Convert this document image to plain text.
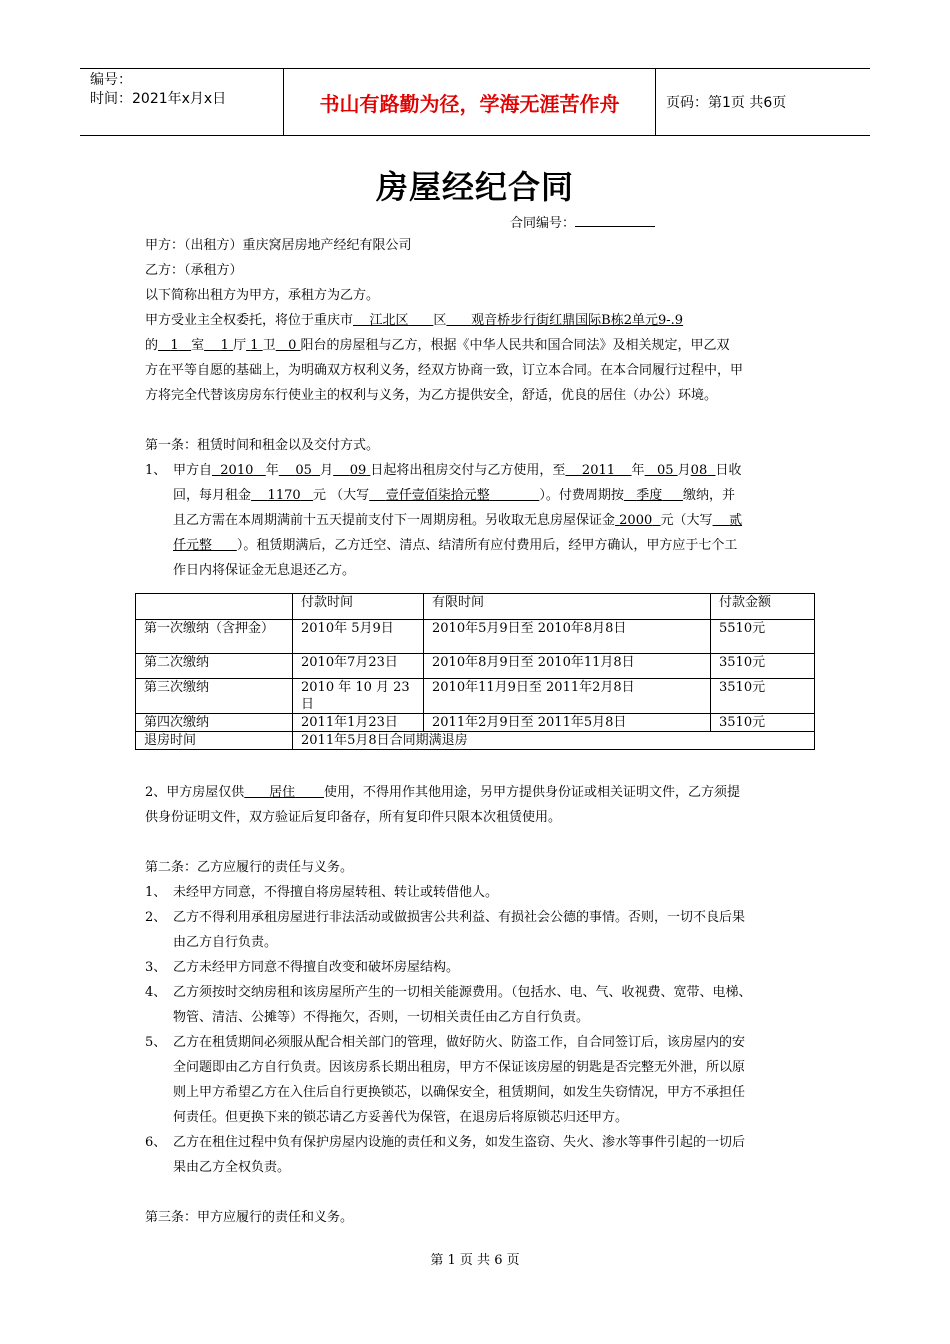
编号：
时间：2021年x月x日	书山有路勤为径，学海无涯苦作舟	页码：第1页 共6页
房屋经纪合同
合同编号：
甲方：（出租方）重庆窝居房地产经纪有限公司
乙方：（承租方）
以下简称出租方为甲方，承租方为乙方。
甲方受业主全权委托，将位于重庆市 江北区 区 观音桥步行街红鼎国际B栋2单元9-.9
的 1 室 1 厅 1 卫 0 阳台的房屋租与乙方，根据《中华人民共和国合同法》及相关规定，甲乙双
方在平等自愿的基础上，为明确双方权利义务，经双方协商一致，订立本合同。在本合同履行过程中，甲
方将完全代替该房房东行使业主的权利与义务，为乙方提供安全，舒适，优良的居住（办公）环境。
第一条：租赁时间和租金以及交付方式。
1、 甲方自 2010 年 05 月 09 日起将出租房交付与乙方使用，至 2011 年 05 月08 日收
回，每月租金 1170 元 （大写 壹仟壹佰柒拾元整	）。付费周期按 季度 缴纳，并
且乙方需在本周期满前十五天提前支付下一周期房租。另收取无息房屋保证金 2000 元（大写 贰
仟元整 ）。租赁期满后，乙方迁空、清点、结清所有应付费用后，经甲方确认，甲方应于七个工
作日内将保证金无息退还乙方。
	付款时间	有限时间	付款金额
第一次缴纳（含押金）	2010年 5月9日	2010年5月9日至 2010年8月8日	5510元
第二次缴纳	2010年7月23日	2010年8月9日至 2010年11月8日	3510元
第三次缴纳	2010 年 10 月 23日	2010年11月9日至 2011年2月8日	3510元
第四次缴纳	2011年1月23日	2011年2月9日至 2011年5月8日	3510元
退房时间	2011年5月8日合同期满退房		
2、甲方房屋仅供 居住 使用，不得用作其他用途，另甲方提供身份证或相关证明文件，乙方须提
供身份证明文件，双方验证后复印备存，所有复印件只限本次租赁使用。
第二条：乙方应履行的责任与义务。
1、 未经甲方同意，不得擅自将房屋转租、转让或转借他人。
2、 乙方不得利用承租房屋进行非法活动或做损害公共利益、有损社会公德的事情。否则，一切不良后果
由乙方自行负责。
3、 乙方未经甲方同意不得擅自改变和破坏房屋结构。
4、 乙方须按时交纳房租和该房屋所产生的一切相关能源费用。（包括水、电、气、收视费、宽带、电梯、
物管、清洁、公摊等）不得拖欠，否则，一切相关责任由乙方自行负责。
5、 乙方在租赁期间必须服从配合相关部门的管理，做好防火、防盗工作，自合同签订后，该房屋内的安
全问题即由乙方自行负责。因该房系长期出租房，甲方不保证该房屋的钥匙是否完整无外泄，所以原
则上甲方希望乙方在入住后自行更换锁芯，以确保安全，租赁期间，如发生失窃情况，甲方不承担任
何责任。但更换下来的锁芯请乙方妥善代为保管，在退房后将原锁芯归还甲方。
6、 乙方在租住过程中负有保护房屋内设施的责任和义务，如发生盗窃、失火、渗水等事件引起的一切后
果由乙方全权负责。
第三条：甲方应履行的责任和义务。
第 1 页 共 6 页
